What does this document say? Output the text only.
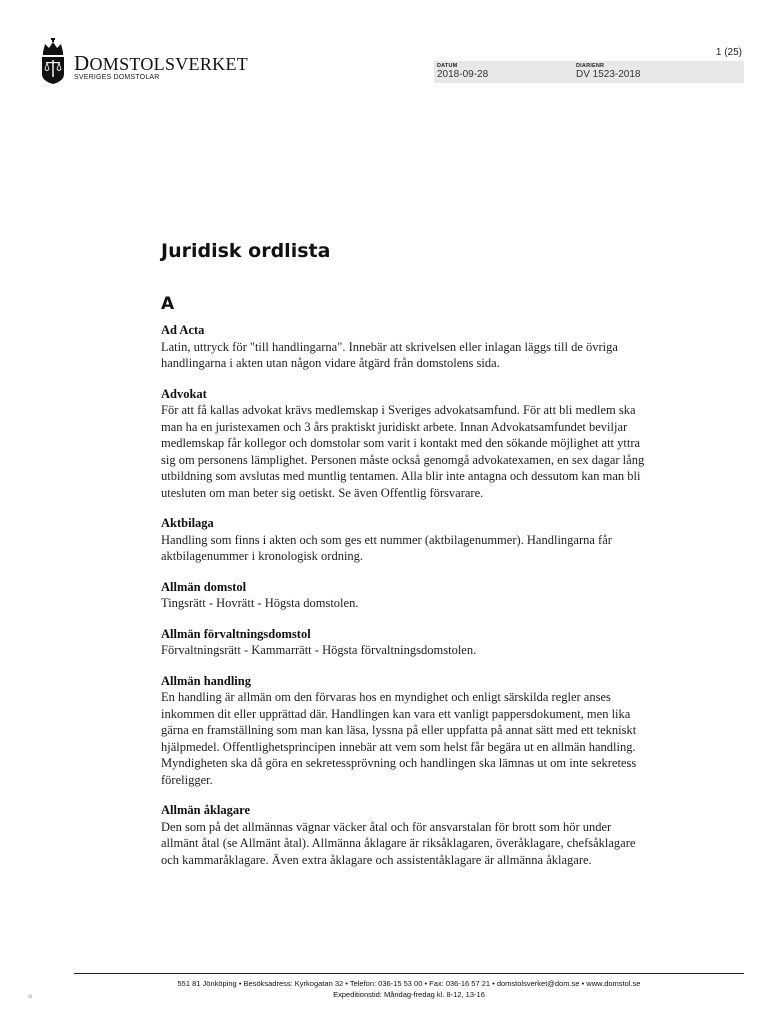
DOMSTOLSVERKET
SVERIGES DOMSTOLAR
1 (25)
DATUM
2018-09-28
DIARIENR
DV 1523-2018
Juridisk ordlista
A

Ad Acta

Latin, uttryck för "till handlingarna". Innebär att skrivelsen eller inlagan läggs till de övriga handlingarna i akten utan någon vidare åtgärd från domstolens sida.

Advokat

För att få kallas advokat krävs medlemskap i Sveriges advokatsamfund. För att bli medlem ska man ha en juristexamen och 3 års praktiskt juridiskt arbete. Innan Advokatsamfundet beviljar medlemskap får kollegor och domstolar som varit i kontakt med den sökande möjlighet att yttra sig om personens lämplighet. Personen måste också genomgå advokatexamen, en sex dagar lång utbildning som avslutas med muntlig tentamen. Alla blir inte antagna och dessutom kan man bli utesluten om man beter sig oetiskt. Se även Offentlig försvarare.

Aktbilaga

Handling som finns i akten och som ges ett nummer (aktbilagenummer). Handlingarna får aktbilagenummer i kronologisk ordning.

Allmän domstol

Tingsrätt - Hovrätt - Högsta domstolen.

Allmän förvaltningsdomstol

Förvaltningsrätt - Kammarrätt - Högsta förvaltningsdomstolen.

Allmän handling

En handling är allmän om den förvaras hos en myndighet och enligt särskilda regler anses inkommen dit eller upprättad där. Handlingen kan vara ett vanligt pappersdokument, men lika gärna en framställning som man kan läsa, lyssna på eller uppfatta på annat sätt med ett tekniskt hjälpmedel. Offentlighetsprincipen innebär att vem som helst får begära ut en allmän handling. Myndigheten ska då göra en sekretessprövning och handlingen ska lämnas ut om inte sekretess föreligger.

Allmän åklagare

Den som på det allmännas vägnar väcker åtal och för ansvarstalan för brott som hör under allmänt åtal (se Allmänt åtal). Allmänna åklagare är riksåklagaren, överåklagare, chefsåklagare och kammaråklagare. Även extra åklagare och assistentåklagare är allmänna åklagare.

551 81 Jönköping • Besöksadress: Kyrkogatan 32 • Telefon: 036-15 53 00 • Fax: 036-16 57 21 • domstolsverket@dom.se • www.domstol.se
Expeditionstid: Måndag-fredag kl. 8-12, 13-16
⊞
